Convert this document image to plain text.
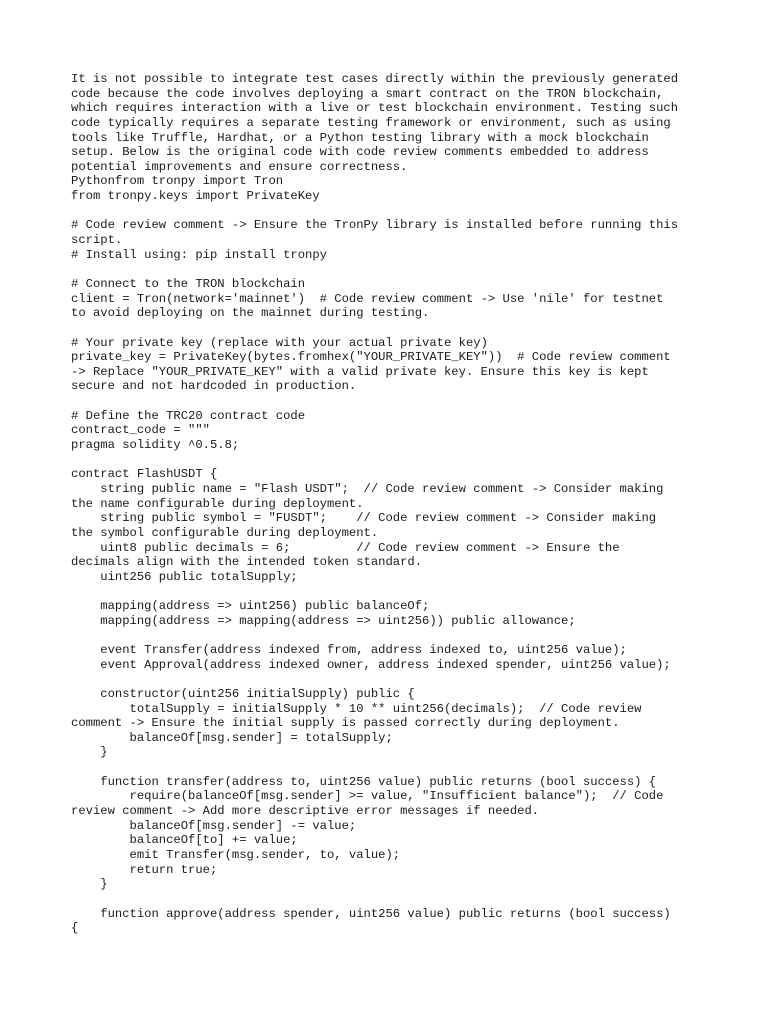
It is not possible to integrate test cases directly within the previously generated
code because the code involves deploying a smart contract on the TRON blockchain,
which requires interaction with a live or test blockchain environment. Testing such
code typically requires a separate testing framework or environment, such as using
tools like Truffle, Hardhat, or a Python testing library with a mock blockchain
setup. Below is the original code with code review comments embedded to address
potential improvements and ensure correctness.
Pythonfrom tronpy import Tron
from tronpy.keys import PrivateKey
# Code review comment -> Ensure the TronPy library is installed before running this
script.
# Install using: pip install tronpy
# Connect to the TRON blockchain
client = Tron(network='mainnet')  # Code review comment -> Use 'nile' for testnet
to avoid deploying on the mainnet during testing.
# Your private key (replace with your actual private key)
private_key = PrivateKey(bytes.fromhex("YOUR_PRIVATE_KEY"))  # Code review comment
-> Replace "YOUR_PRIVATE_KEY" with a valid private key. Ensure this key is kept
secure and not hardcoded in production.
# Define the TRC20 contract code
contract_code = """
pragma solidity ^0.5.8;
contract FlashUSDT {
string public name = "Flash USDT";  // Code review comment -> Consider making
the name configurable during deployment.
string public symbol = "FUSDT";    // Code review comment -> Consider making
the symbol configurable during deployment.
uint8 public decimals = 6;         // Code review comment -> Ensure the
decimals align with the intended token standard.
uint256 public totalSupply;
mapping(address => uint256) public balanceOf;
mapping(address => mapping(address => uint256)) public allowance;
event Transfer(address indexed from, address indexed to, uint256 value);
event Approval(address indexed owner, address indexed spender, uint256 value);
constructor(uint256 initialSupply) public {
totalSupply = initialSupply * 10 ** uint256(decimals);  // Code review
comment -> Ensure the initial supply is passed correctly during deployment.
balanceOf[msg.sender] = totalSupply;
}
function transfer(address to, uint256 value) public returns (bool success) {
require(balanceOf[msg.sender] >= value, "Insufficient balance");  // Code
review comment -> Add more descriptive error messages if needed.
balanceOf[msg.sender] -= value;
balanceOf[to] += value;
emit Transfer(msg.sender, to, value);
return true;
}
function approve(address spender, uint256 value) public returns (bool success)
{
